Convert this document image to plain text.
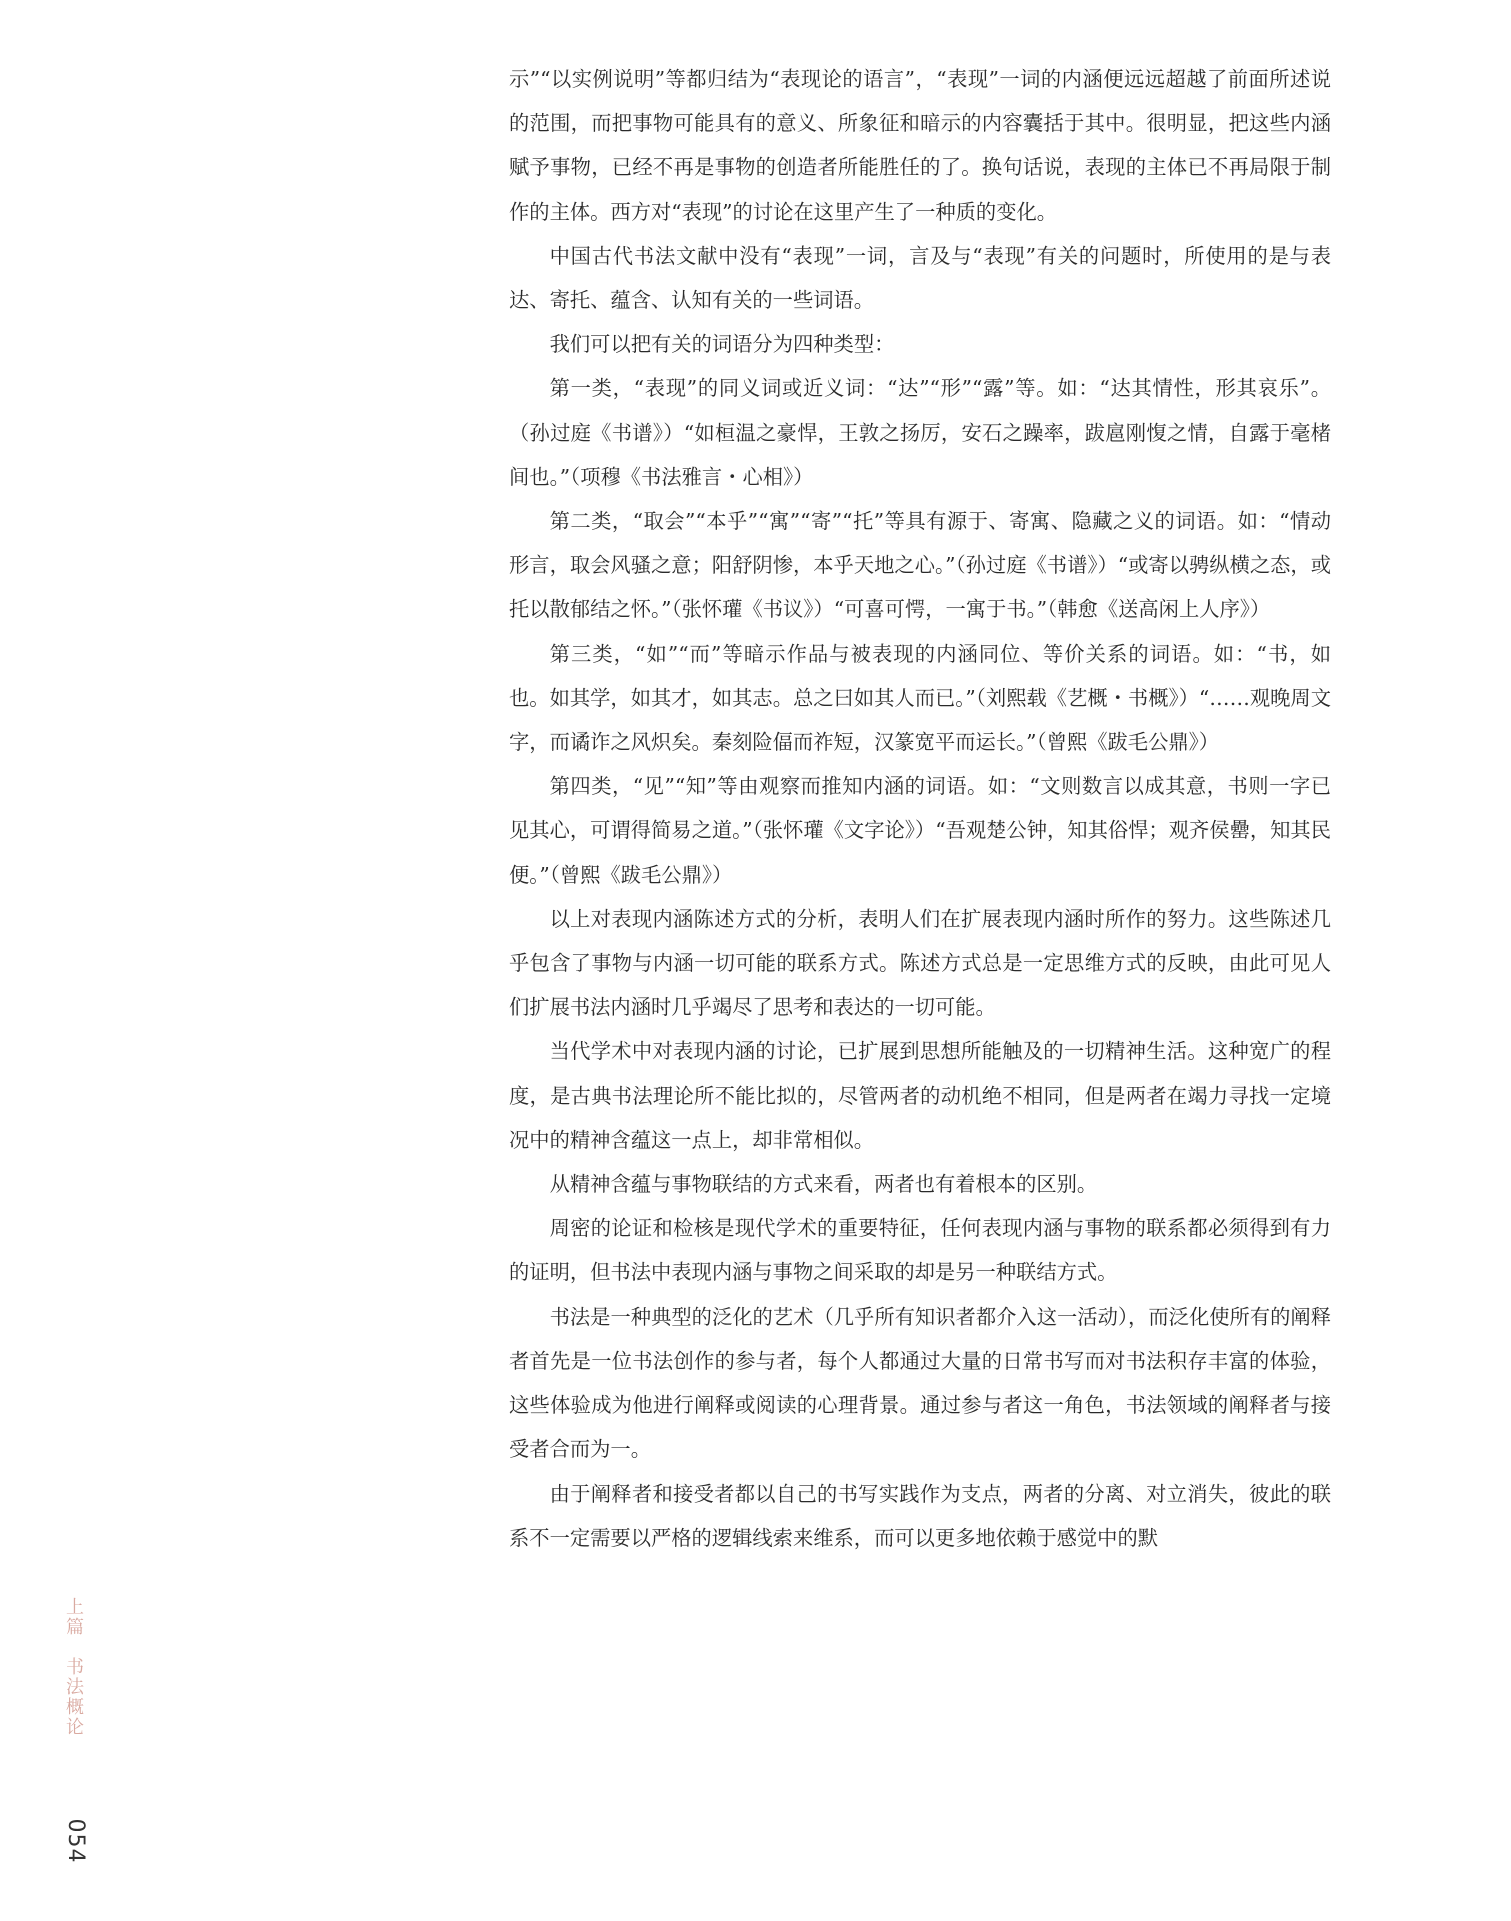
示”“以实例说明”等都归结为“表现论的语言”，“表现”一词的内涵便远远超越了前面所述说的范围，而把事物可能具有的意义、所象征和暗示的内容囊括于其中。很明显，把这些内涵赋予事物，已经不再是事物的创造者所能胜任的了。换句话说，表现的主体已不再局限于制作的主体。西方对“表现”的讨论在这里产生了一种质的变化。

中国古代书法文献中没有“表现”一词，言及与“表现”有关的问题时，所使用的是与表达、寄托、蕴含、认知有关的一些词语。

我们可以把有关的词语分为四种类型：

第一类，“表现”的同义词或近义词：“达”“形”“露”等。如：“达其情性，形其哀乐”。（孙过庭《书谱》）“如桓温之豪悍，王敦之扬厉，安石之躁率，跋扈刚愎之情，自露于毫楮间也。”（项穆《书法雅言・心相》）

第二类，“取会”“本乎”“寓”“寄”“托”等具有源于、寄寓、隐藏之义的词语。如：“情动形言，取会风骚之意；阳舒阴惨，本乎天地之心。”（孙过庭《书谱》）“或寄以骋纵横之态，或托以散郁结之怀。”（张怀瓘《书议》）“可喜可愕，一寓于书。”（韩愈《送高闲上人序》）

第三类，“如”“而”等暗示作品与被表现的内涵同位、等价关系的词语。如：“书，如也。如其学，如其才，如其志。总之曰如其人而已。”（刘熙载《艺概・书概》）“……观晚周文字，而谲诈之风炽矣。秦刻险偪而祚短，汉篆宽平而运长。”（曾熙《跋毛公鼎》）

第四类，“见”“知”等由观察而推知内涵的词语。如：“文则数言以成其意，书则一字已见其心，可谓得简易之道。”（张怀瓘《文字论》）“吾观楚公钟，知其俗悍；观齐侯罍，知其民便。”（曾熙《跋毛公鼎》）

以上对表现内涵陈述方式的分析，表明人们在扩展表现内涵时所作的努力。这些陈述几乎包含了事物与内涵一切可能的联系方式。陈述方式总是一定思维方式的反映，由此可见人们扩展书法内涵时几乎竭尽了思考和表达的一切可能。

当代学术中对表现内涵的讨论，已扩展到思想所能触及的一切精神生活。这种宽广的程度，是古典书法理论所不能比拟的，尽管两者的动机绝不相同，但是两者在竭力寻找一定境况中的精神含蕴这一点上，却非常相似。

从精神含蕴与事物联结的方式来看，两者也有着根本的区别。

周密的论证和检核是现代学术的重要特征，任何表现内涵与事物的联系都必须得到有力的证明，但书法中表现内涵与事物之间采取的却是另一种联结方式。

书法是一种典型的泛化的艺术（几乎所有知识者都介入这一活动），而泛化使所有的阐释者首先是一位书法创作的参与者，每个人都通过大量的日常书写而对书法积存丰富的体验，这些体验成为他进行阐释或阅读的心理背景。通过参与者这一角色，书法领域的阐释者与接受者合而为一。

由于阐释者和接受者都以自己的书写实践作为支点，两者的分离、对立消失，彼此的联系不一定需要以严格的逻辑线索来维系，而可以更多地依赖于感觉中的默

上
篇
书
法
概
论
054
